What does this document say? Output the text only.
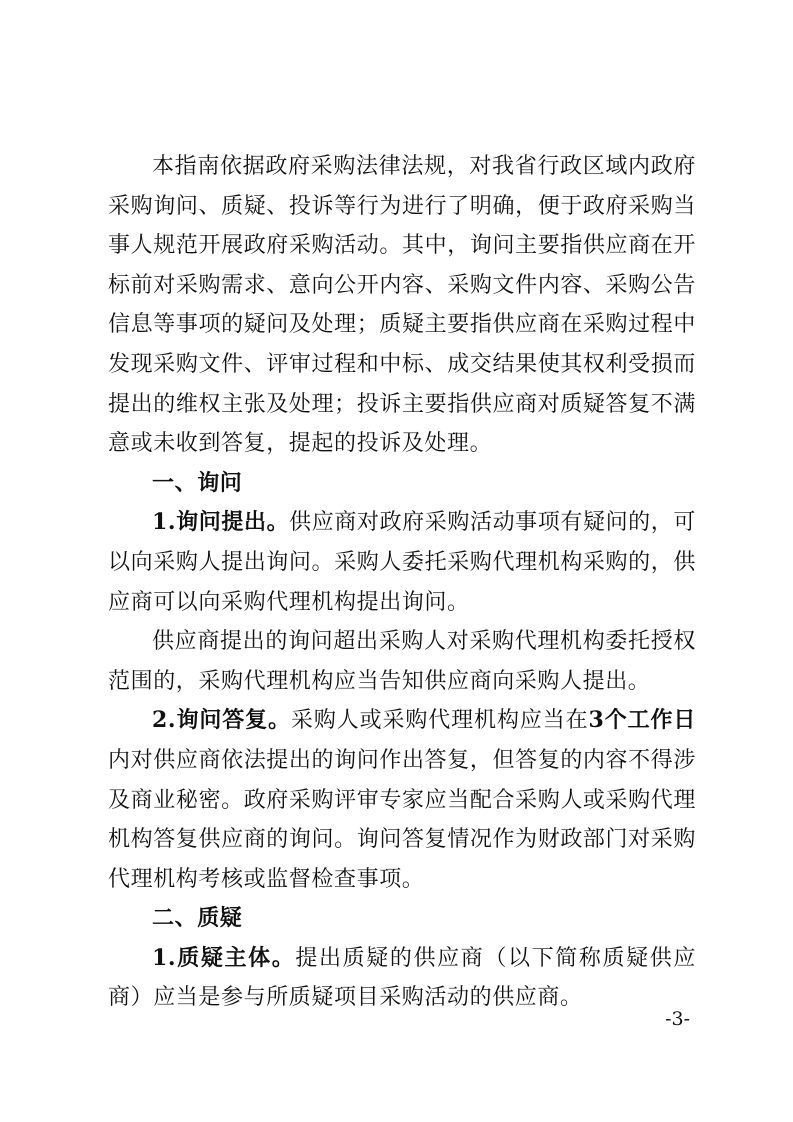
本指南依据政府采购法律法规，对我省行政区域内政府采购询问、质疑、投诉等行为进行了明确，便于政府采购当事人规范开展政府采购活动。其中，询问主要指供应商在开标前对采购需求、意向公开内容、采购文件内容、采购公告信息等事项的疑问及处理；质疑主要指供应商在采购过程中发现采购文件、评审过程和中标、成交结果使其权利受损而提出的维权主张及处理；投诉主要指供应商对质疑答复不满意或未收到答复，提起的投诉及处理。

一、询问

1.询问提出。供应商对政府采购活动事项有疑问的，可以向采购人提出询问。采购人委托采购代理机构采购的，供应商可以向采购代理机构提出询问。

供应商提出的询问超出采购人对采购代理机构委托授权范围的，采购代理机构应当告知供应商向采购人提出。

2.询问答复。采购人或采购代理机构应当在3个工作日内对供应商依法提出的询问作出答复，但答复的内容不得涉及商业秘密。政府采购评审专家应当配合采购人或采购代理机构答复供应商的询问。询问答复情况作为财政部门对采购代理机构考核或监督检查事项。

二、质疑

1.质疑主体。提出质疑的供应商（以下简称质疑供应商）应当是参与所质疑项目采购活动的供应商。

-3-
